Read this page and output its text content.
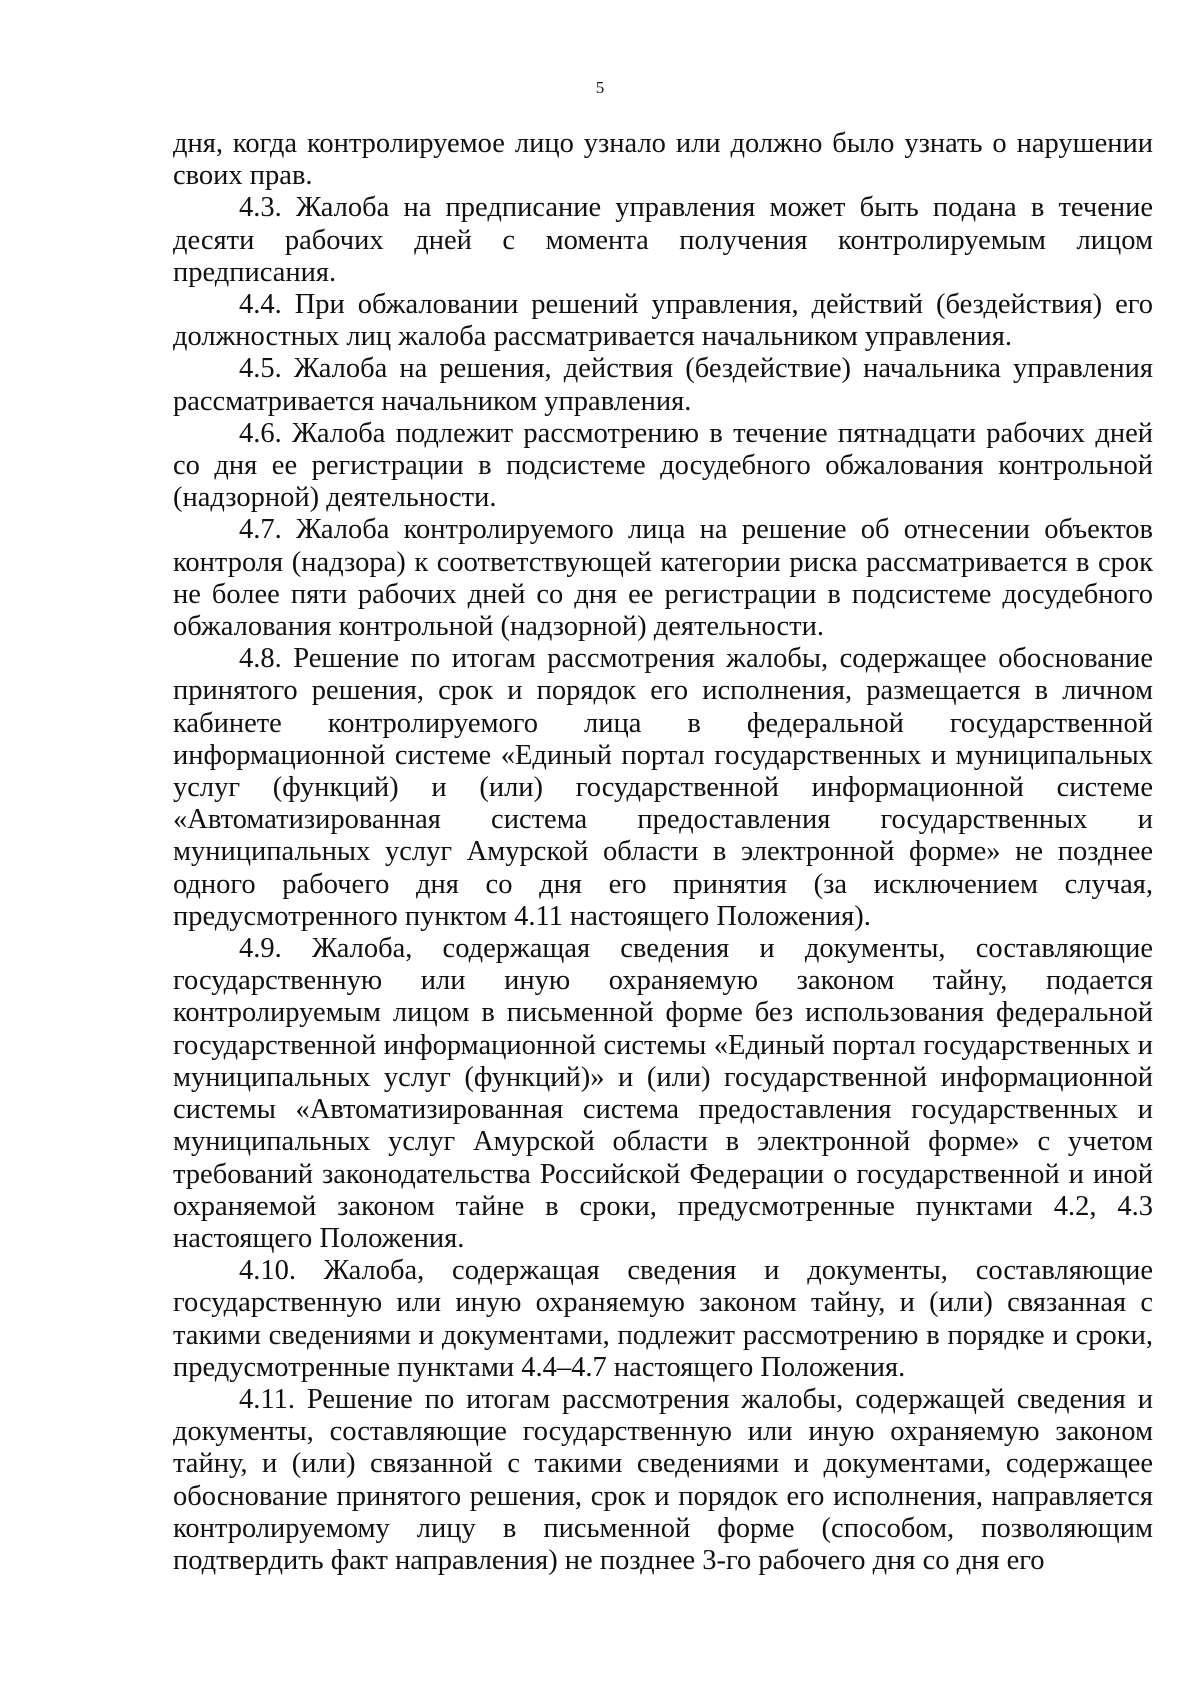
5

дня, когда контролируемое лицо узнало или должно было узнать о нарушении своих прав.

4.3. Жалоба на предписание управления может быть подана в течение десяти рабочих дней с момента получения контролируемым лицом предписания.

4.4. При обжаловании решений управления, действий (бездействия) его должностных лиц жалоба рассматривается начальником управления.

4.5. Жалоба на решения, действия (бездействие) начальника управления рассматривается начальником управления.

4.6. Жалоба подлежит рассмотрению в течение пятнадцати рабочих дней со дня ее регистрации в подсистеме досудебного обжалования контрольной (надзорной) деятельности.

4.7. Жалоба контролируемого лица на решение об отнесении объектов контроля (надзора) к соответствующей категории риска рассматривается в срок не более пяти рабочих дней со дня ее регистрации в подсистеме досудебного обжалования контрольной (надзорной) деятельности.

4.8. Решение по итогам рассмотрения жалобы, содержащее обоснование принятого решения, срок и порядок его исполнения, размещается в личном кабинете контролируемого лица в федеральной государственной информационной системе «Единый портал государственных и муниципальных услуг (функций) и (или) государственной информационной системе «Автоматизированная система предоставления государственных и муниципальных услуг Амурской области в электронной форме» не позднее одного рабочего дня со дня его принятия (за исключением случая, предусмотренного пунктом 4.11 настоящего Положения).

4.9. Жалоба, содержащая сведения и документы, составляющие государственную или иную охраняемую законом тайну, подается контролируемым лицом в письменной форме без использования федеральной государственной информационной системы «Единый портал государственных и муниципальных услуг (функций)» и (или) государственной информационной системы «Автоматизированная система предоставления государственных и муниципальных услуг Амурской области в электронной форме» с учетом требований законодательства Российской Федерации о государственной и иной охраняемой законом тайне в сроки, предусмотренные пунктами 4.2, 4.3 настоящего Положения.

4.10. Жалоба, содержащая сведения и документы, составляющие государственную или иную охраняемую законом тайну, и (или) связанная с такими сведениями и документами, подлежит рассмотрению в порядке и сроки, предусмотренные пунктами 4.4–4.7 настоящего Положения.

4.11. Решение по итогам рассмотрения жалобы, содержащей сведения и документы, составляющие государственную или иную охраняемую законом тайну, и (или) связанной с такими сведениями и документами, содержащее обоснование принятого решения, срок и порядок его исполнения, направляется контролируемому лицу в письменной форме (способом, позволяющим подтвердить факт направления) не позднее 3-го рабочего дня со дня его
